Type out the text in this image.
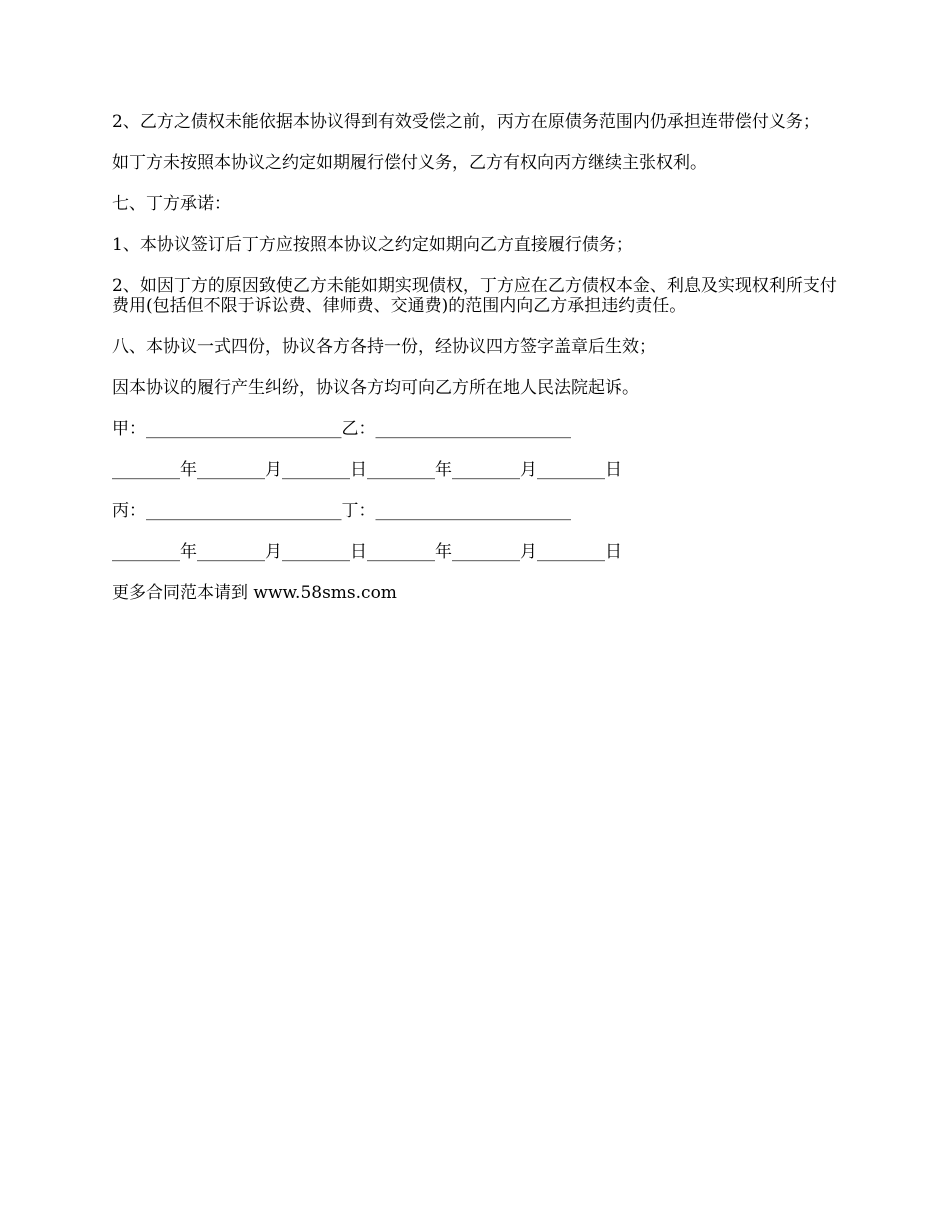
2、乙方之债权未能依据本协议得到有效受偿之前，丙方在原债务范围内仍承担连带偿付义务；

如丁方未按照本协议之约定如期履行偿付义务，乙方有权向丙方继续主张权利。

七、丁方承诺：

1、本协议签订后丁方应按照本协议之约定如期向乙方直接履行债务；

2、如因丁方的原因致使乙方未能如期实现债权，丁方应在乙方债权本金、利息及实现权利所支付费用(包括但不限于诉讼费、律师费、交通费)的范围内向乙方承担违约责任。

八、本协议一式四份，协议各方各持一份，经协议四方签字盖章后生效；

因本协议的履行产生纠纷，协议各方均可向乙方所在地人民法院起诉。

甲：_______________________乙：_______________________
________年________月________日________年________月________日
丙：_______________________丁：_______________________
________年________月________日________年________月________日

更多合同范本请到 www.58sms.com
